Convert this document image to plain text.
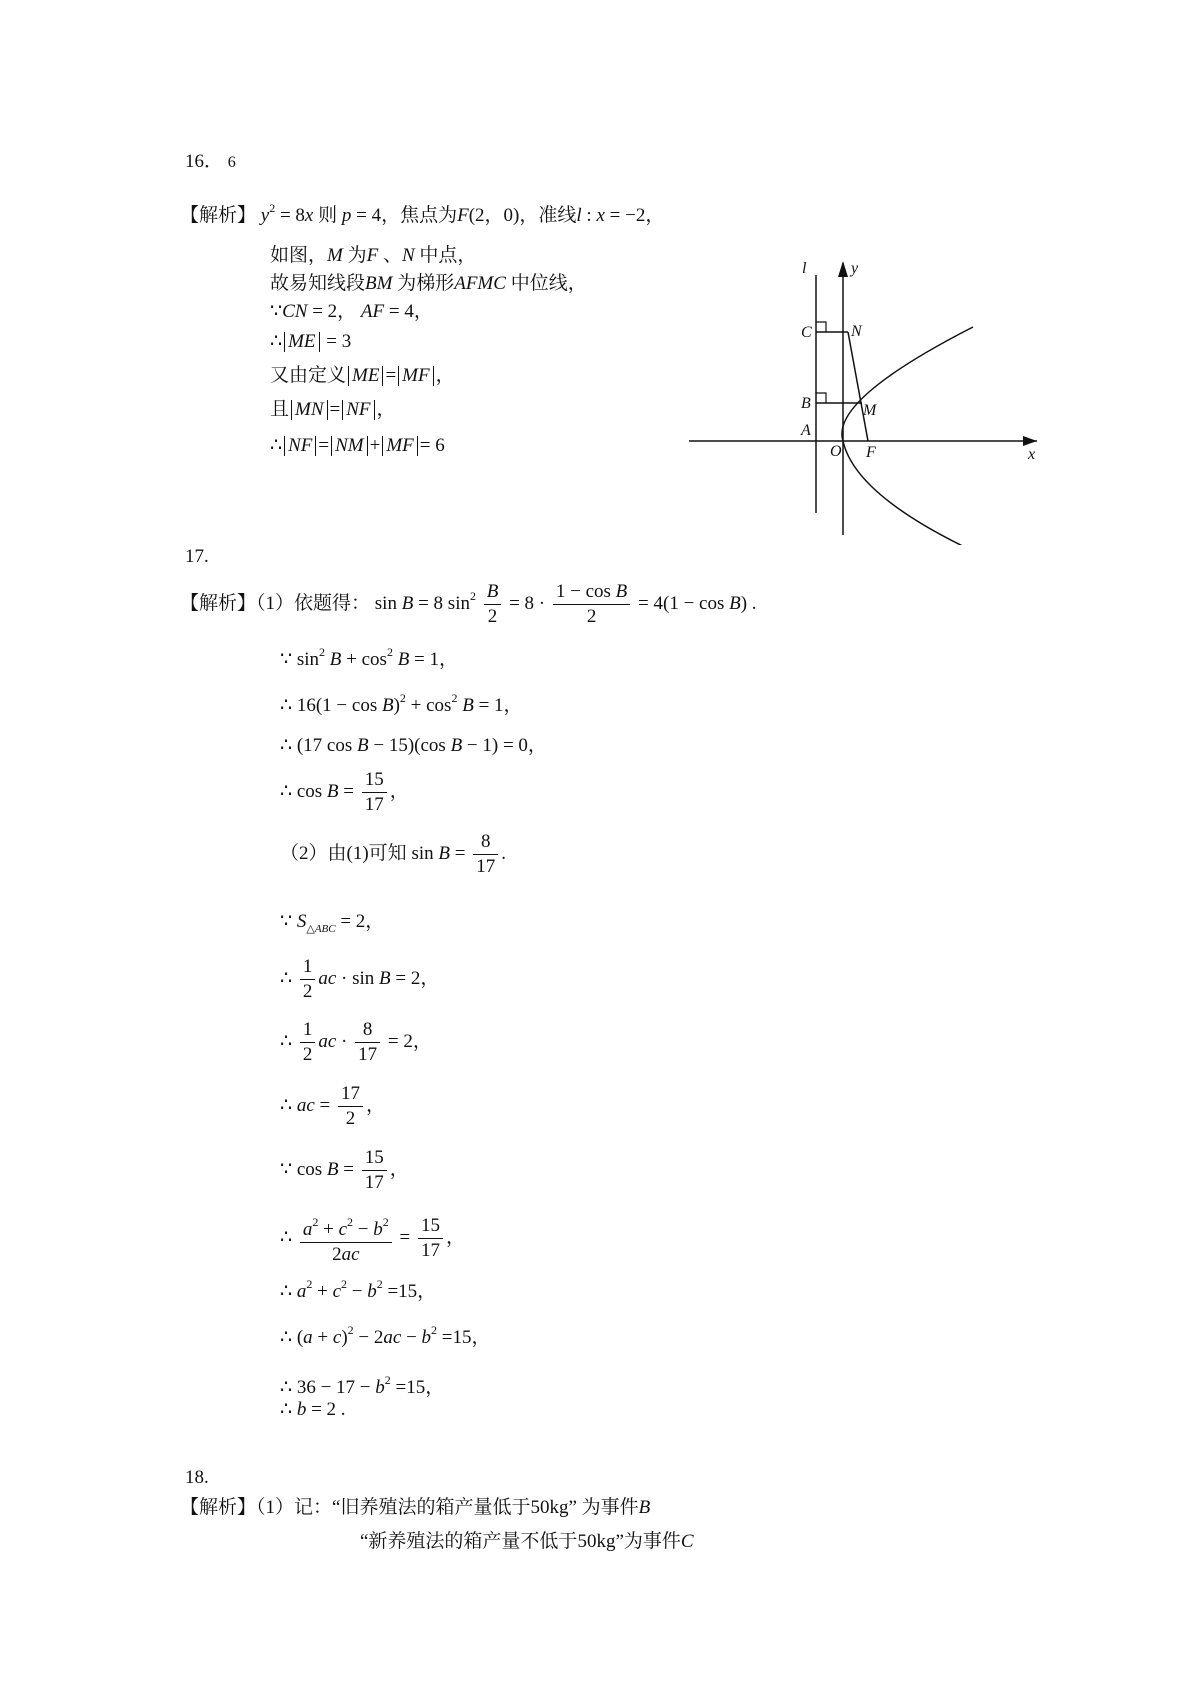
16． 6
【解析】 $y^2 = 8x$ 则 p = 4，焦点为F(2，0)，准线l : x = −2，
如图，M 为F 、N 中点，
故易知线段BM 为梯形AFMC 中位线，
∵CN = 2， AF = 4，
∴ ME = 3
又由定义 ME = MF ，
且 MN = NF ，
∴ NF = NM + MF = 6
l	y
C N
B	M
A
O F	x
17.
【解析】（1）依题得： sin B = 8 $\sin^2 \frac{B}{2} = 8 \cdot \frac{\text{1 − cos B}}{2} = 4(1 - \cos B)$ .
∵ $\sin^2 B + \cos^2 B = 1$，
∴ $16(1 - \cos B)^2 + \cos^2 B = 1$，
∴ (17 cos B − 15)(cos B − 1) = 0，
∴ $\cos B = \frac{15}{17}$ ，
（2）由(1)可知 $\sin B = \frac{8}{17}$ .
∵ $S_{\triangle ABC} = 2$，
∴ $\frac{1}{2}$ ac · sin B = 2，
∴ $\frac{1}{2}$ ac · $\frac{8}{17} = 2$，
∴ ac = $\frac{17}{2}$ ，
∵ $\cos B = \frac{15}{17}$ ，
∴ $\frac{a^2 + c^2 - b^2}{2ac} = \frac{15}{17}$ ，
∴ $a^2 + c^2 - b^2 =15$，
∴ $(a + c)^2 - 2ac - b^2 =15$，
∴ $36 - 17 - b^2 =15$，
∴ b = 2 .
18.
【解析】（1）记：“旧养殖法的箱产量低于50kg” 为事件B
“新养殖法的箱产量不低于50kg”为事件C
